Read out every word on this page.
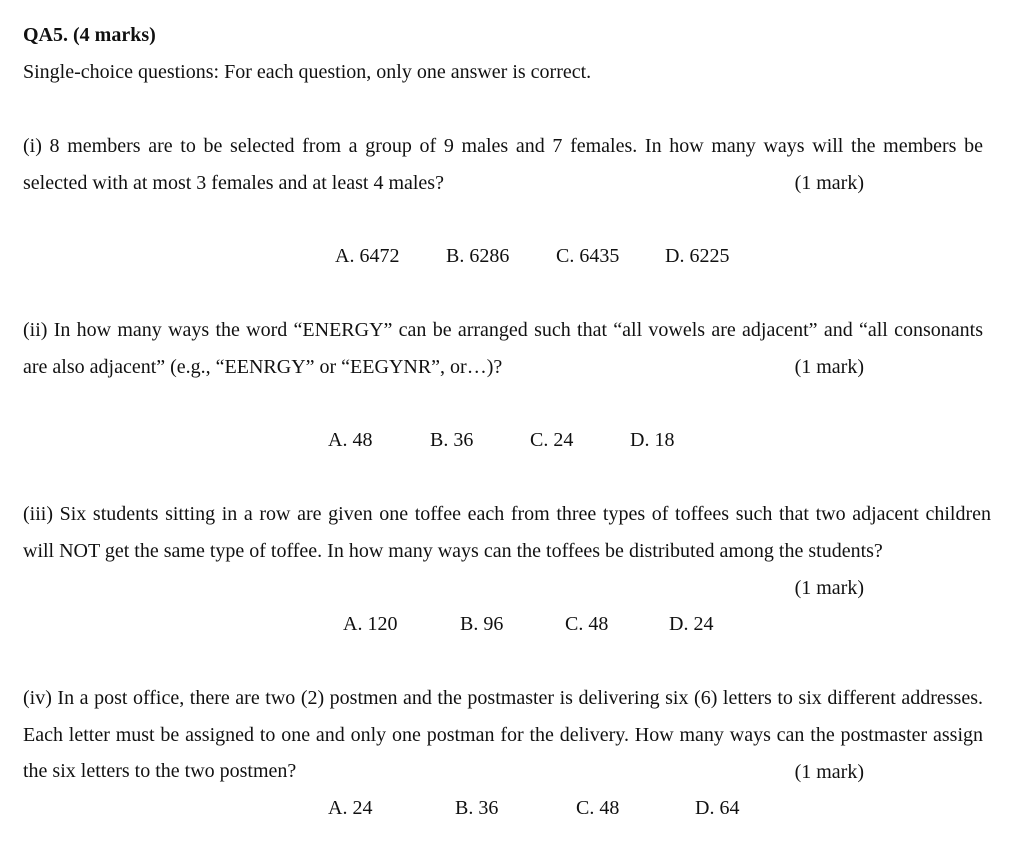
QA5. (4 marks)
Single-choice questions: For each question, only one answer is correct.
(i) 8 members are to be selected from a group of 9 males and 7 females. In how many ways will the members be selected with at most 3 females and at least 4 males?	(1 mark)
A. 6472 B. 6286 C. 6435 D. 6225
(ii) In how many ways the word “ENERGY” can be arranged such that “all vowels are adjacent” and “all consonants are also adjacent” (e.g., “EENRGY” or “EEGYNR”, or…)?	(1 mark)
A. 48	B. 36	C. 24	D. 18
(iii) Six students sitting in a row are given one toffee each from three types of toffees such that two adjacent children will NOT get the same type of toffee. In how many ways can the toffees be distributed among the students?
(1 mark)
A. 120	B. 96	C. 48	D. 24
(iv) In a post office, there are two (2) postmen and the postmaster is delivering six (6) letters to six different addresses. Each letter must be assigned to one and only one postman for the delivery. How many ways can the postmaster assign the six letters to the two postmen?	(1 mark)
A. 24	B. 36	C. 48	D. 64
